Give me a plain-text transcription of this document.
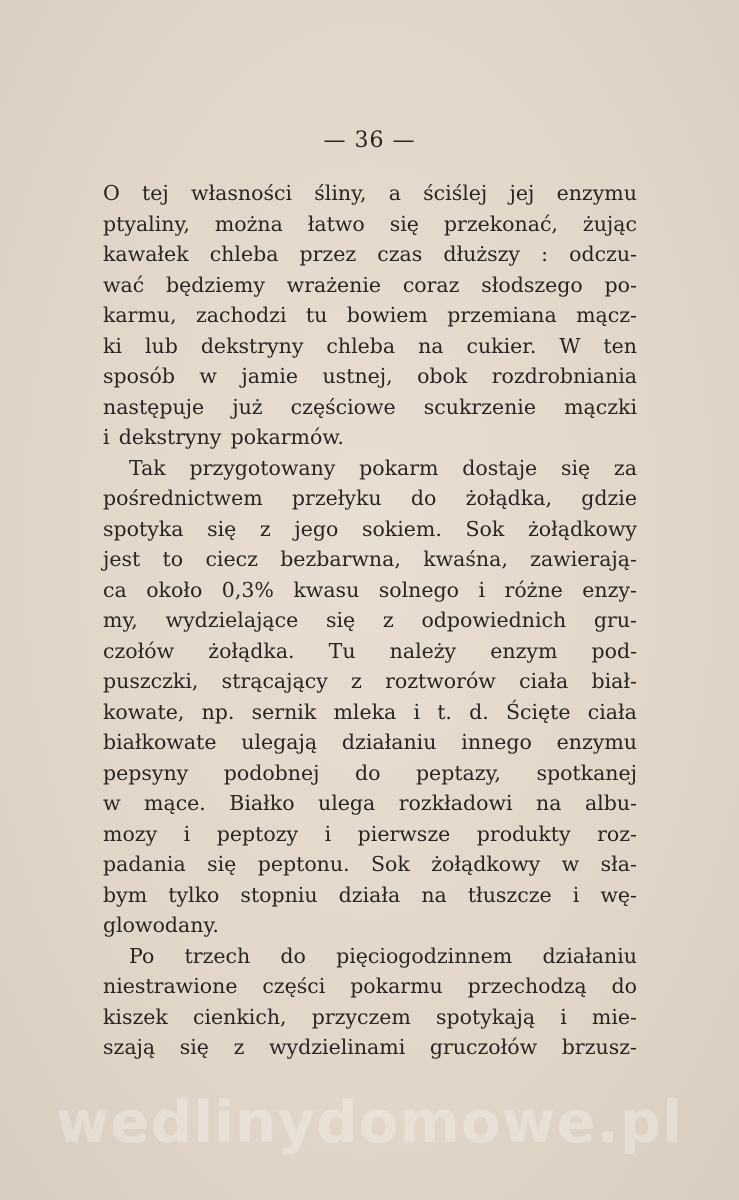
— 36 —
O tej własności śliny, a ściślej jej enzymu
ptyaliny, można łatwo się przekonać, żując
kawałek chleba przez czas dłuższy : odczu-
wać będziemy wrażenie coraz słodszego po-
karmu, zachodzi tu bowiem przemiana mącz-
ki lub dekstryny chleba na cukier. W ten
sposób w jamie ustnej, obok rozdrobniania
następuje już częściowe scukrzenie mączki
i dekstryny pokarmów.
Tak przygotowany pokarm dostaje się za
pośrednictwem przełyku do żołądka, gdzie
spotyka się z jego sokiem. Sok żołądkowy
jest to ciecz bezbarwna, kwaśna, zawierają-
ca około 0,3% kwasu solnego i różne enzy-
my, wydzielające się z odpowiednich gru-
czołów żołądka. Tu należy enzym pod-
puszczki, strącający z roztworów ciała biał-
kowate, np. sernik mleka i t. d. Ścięte ciała
białkowate ulegają działaniu innego enzymu
pepsyny podobnej do peptazy, spotkanej
w mące. Białko ulega rozkładowi na albu-
mozy i peptozy i pierwsze produkty roz-
padania się peptonu. Sok żołądkowy w sła-
bym tylko stopniu działa na tłuszcze i wę-
glowodany.
Po trzech do pięciogodzinnem działaniu
niestrawione części pokarmu przechodzą do
kiszek cienkich, przyczem spotykają i mie-
szają się z wydzielinami gruczołów brzusz-
wedlinydomowe.pl
